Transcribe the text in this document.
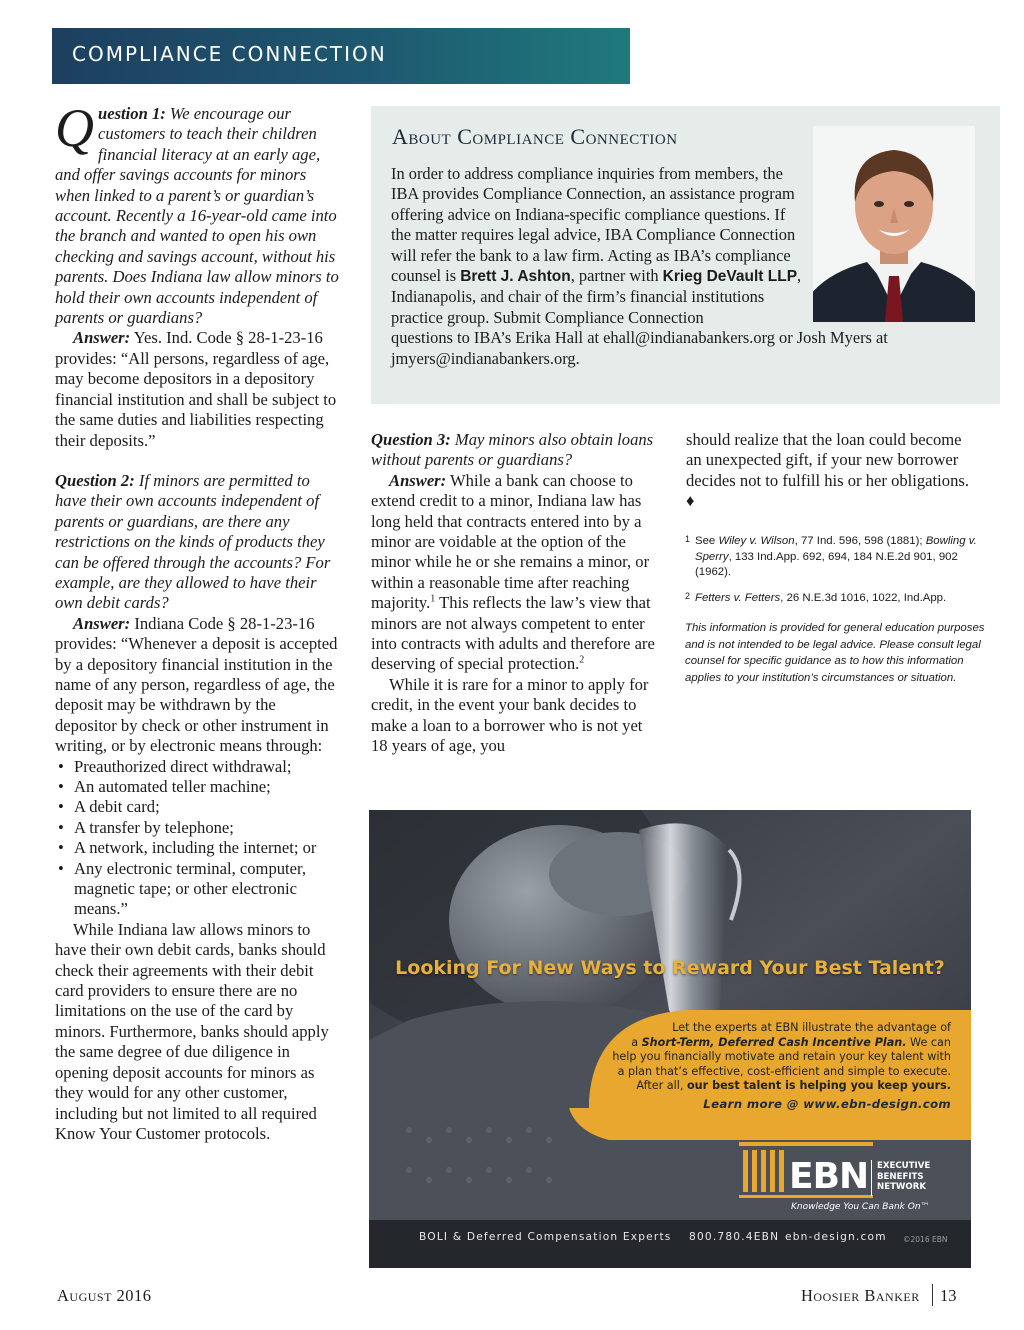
COMPLIANCE CONNECTION

Question 1: We encourage our customers to teach their children financial literacy at an early age, and offer savings accounts for minors when linked to a parent’s or guardian’s account. Recently a 16-year-old came into the branch and wanted to open his own checking and savings account, without his parents. Does Indiana law allow minors to hold their own accounts independent of parents or guardians?

Answer: Yes. Ind. Code § 28-1-23-16 provides: “All persons, regardless of age, may become depositors in a depository financial institution and shall be subject to the same duties and liabilities respecting their deposits.”

Question 2: If minors are permitted to have their own accounts independent of parents or guardians, are there any restrictions on the kinds of products they can be offered through the accounts? For example, are they allowed to have their own debit cards?

Answer: Indiana Code § 28-1-23-16 provides: “Whenever a deposit is accepted by a depository financial institution in the name of any person, regardless of age, the deposit may be withdrawn by the depositor by check or other instrument in writing, or by electronic means through:

• Preauthorized direct withdrawal;
• An automated teller machine;
• A debit card;
• A transfer by telephone;
• A network, including the internet; or
• Any electronic terminal, computer, magnetic tape; or other electronic means.”

While Indiana law allows minors to have their own debit cards, banks should check their agreements with their debit card providers to ensure there are no limitations on the use of the card by minors. Furthermore, banks should apply the same degree of due diligence in opening deposit accounts for minors as they would for any other customer, including but not limited to all required Know Your Customer protocols.

About Compliance Connection

In order to address compliance inquiries from members, the IBA provides Compliance Connection, an assistance program offering advice on Indiana-specific compliance questions. If the matter requires legal advice, IBA Compliance Connection will refer the bank to a law firm. Acting as IBA’s compliance counsel is Brett J. Ashton, partner with Krieg DeVault LLP, Indianapolis, and chair of the firm’s financial institutions practice group. Submit Compliance Connection

questions to IBA’s Erika Hall at ehall@indianabankers.org or Josh Myers at jmyers@indianabankers.org.

Question 3: May minors also obtain loans without parents or guardians?

Answer: While a bank can choose to extend credit to a minor, Indiana law has long held that contracts entered into by a minor are voidable at the option of the minor while he or she remains a minor, or within a reasonable time after reaching majority.$^1$ This reflects the law’s view that minors are not always competent to enter into contracts with adults and therefore are deserving of special protection.$^2$

While it is rare for a minor to apply for credit, in the event your bank decides to make a loan to a borrower who is not yet 18 years of age, you

should realize that the loan could become an unexpected gift, if your new borrower decides not to fulfill his or her obligations. ♦

1 See Wiley v. Wilson, 77 Ind. 596, 598 (1881); Bowling v. Sperry, 133 Ind.App. 692, 694, 184 N.E.2d 901, 902 (1962).
2 Fetters v. Fetters, 26 N.E.3d 1016, 1022, Ind.App.
This information is provided for general education purposes and is not intended to be legal advice. Please consult legal counsel for specific guidance as to how this information applies to your institution’s circumstances or situation.
Looking For New Ways to Reward Your Best Talent?
Let the experts at EBN illustrate the advantage of
a Short-Term, Deferred Cash Incentive Plan. We can
help you financially motivate and retain your key talent with
a plan that’s effective, cost-efficient and simple to execute.
After all, our best talent is helping you keep yours.
Learn more @ www.ebn-design.com
EBN EXECUTIVE
BENEFITS
NETWORK
Knowledge You Can Bank On™
BOLI & Deferred Compensation Experts 800.780.4EBN ebn-design.com ©2016 EBN
August 2016	Hoosier Banker 13
